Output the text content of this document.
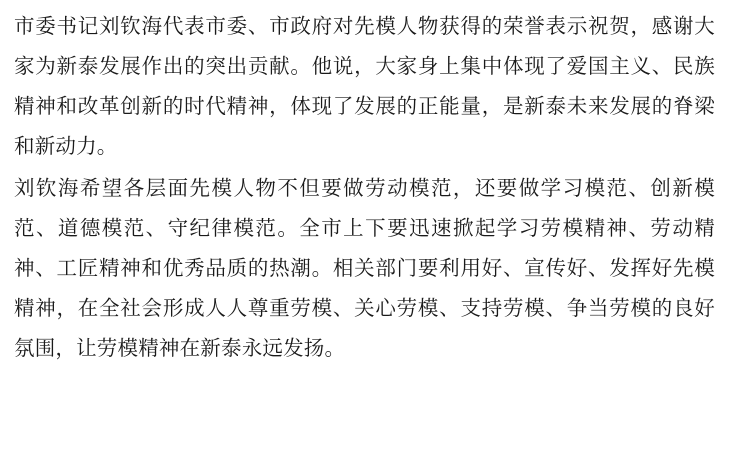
市委书记刘钦海代表市委、市政府对先模人物获得的荣誉表示祝贺，感谢大家为新泰发展作出的突出贡献。他说，大家身上集中体现了爱国主义、民族精神和改革创新的时代精神，体现了发展的正能量，是新泰未来发展的脊梁和新动力。

刘钦海希望各层面先模人物不但要做劳动模范，还要做学习模范、创新模范、道德模范、守纪律模范。全市上下要迅速掀起学习劳模精神、劳动精神、工匠精神和优秀品质的热潮。相关部门要利用好、宣传好、发挥好先模精神，在全社会形成人人尊重劳模、关心劳模、支持劳模、争当劳模的良好氛围，让劳模精神在新泰永远发扬。
